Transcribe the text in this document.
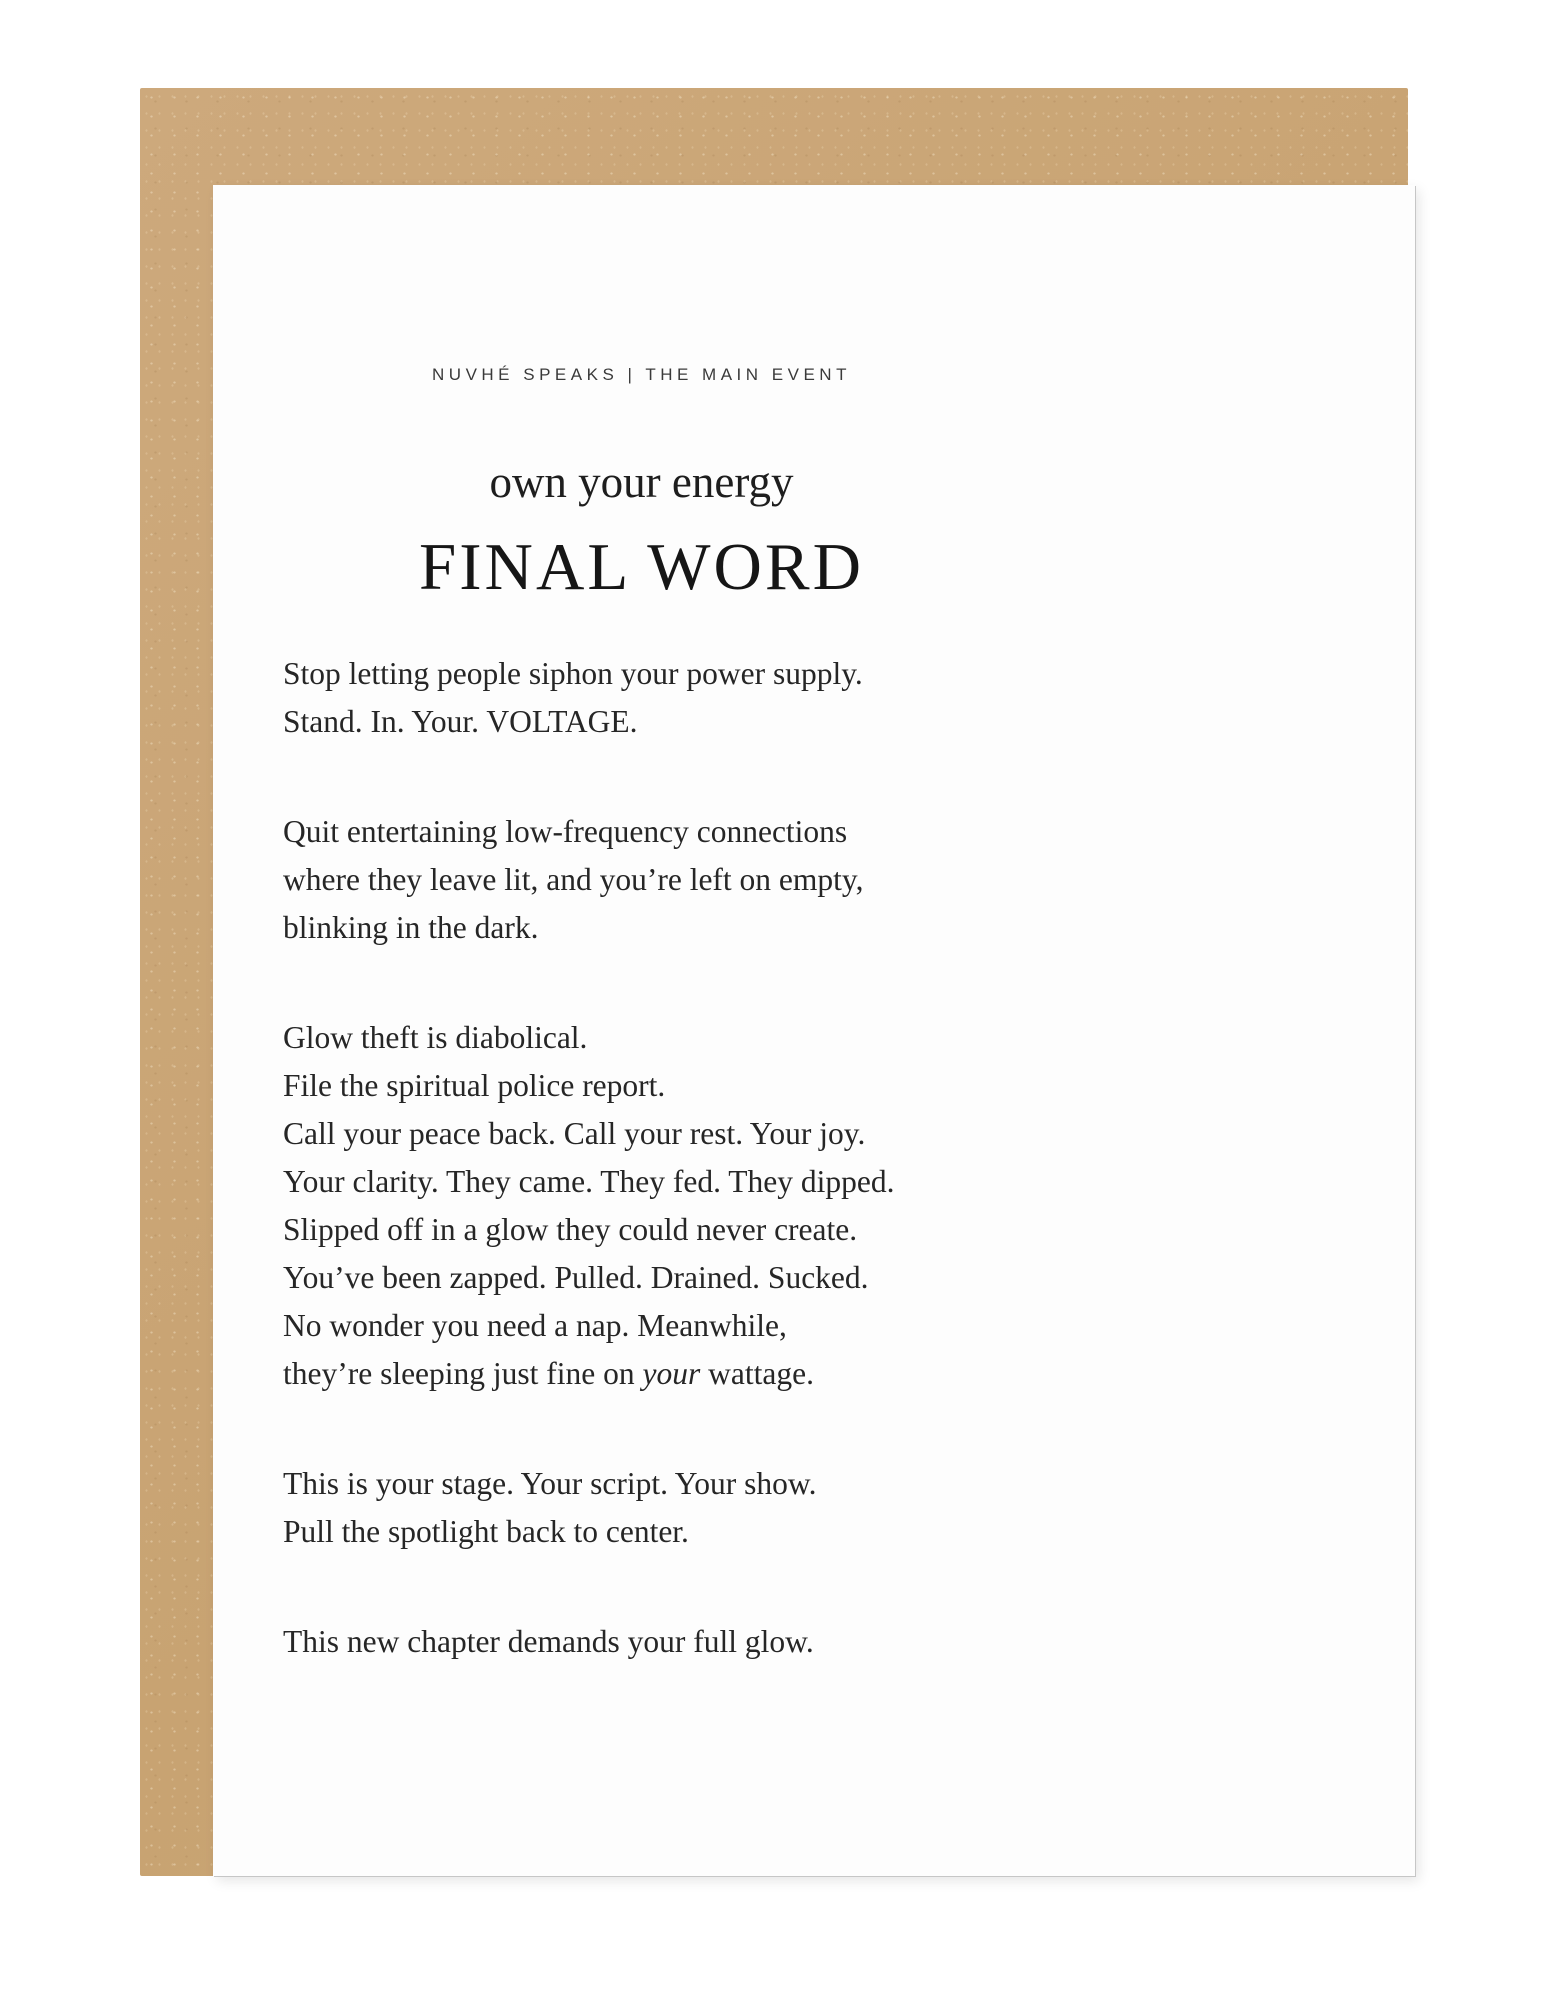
NUVHÉ SPEAKS | THE MAIN EVENT
own your energy
FINAL WORD
Stop letting people siphon your power supply.
Stand. In. Your. VOLTAGE.
Quit entertaining low-frequency connections
where they leave lit, and you’re left on empty,
blinking in the dark.
Glow theft is diabolical.
File the spiritual police report.
Call your peace back. Call your rest. Your joy.
Your clarity. They came. They fed. They dipped.
Slipped off in a glow they could never create.
You’ve been zapped. Pulled. Drained. Sucked.
No wonder you need a nap. Meanwhile,
they’re sleeping just fine on your wattage.
This is your stage. Your script. Your show.
Pull the spotlight back to center.
This new chapter demands your full glow.
